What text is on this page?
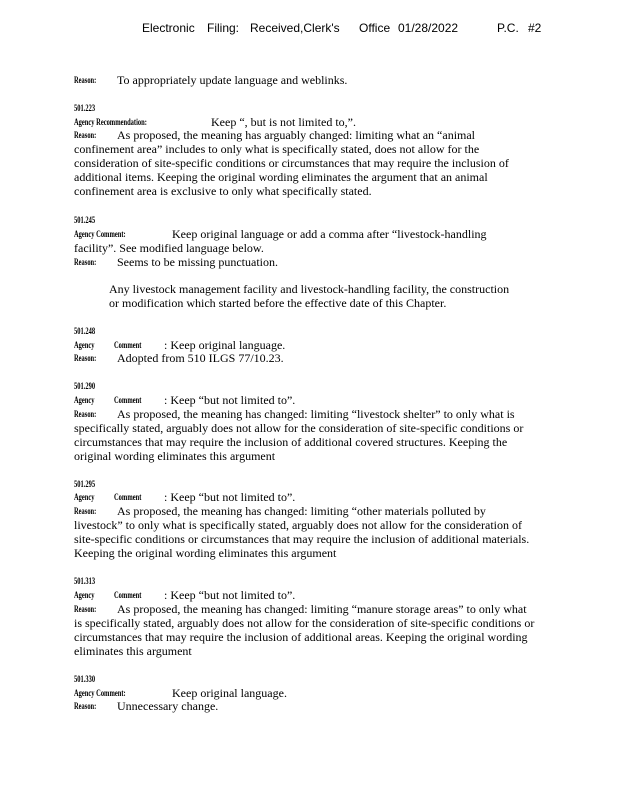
Electronic Filing: Received,Clerk's Office 01/28/2022	P.C. #2
Reason: To appropriately update language and weblinks.
501.223
Agency Recommendation:	Keep “, but is not limited to,”.
Reason: As proposed, the meaning has arguably changed: limiting what an “animal
confinement area” includes to only what is specifically stated, does not allow for the
consideration of site-specific conditions or circumstances that may require the inclusion of
additional items. Keeping the original wording eliminates the argument that an animal
confinement area is exclusive to only what specifically stated.
501.245
Agency Comment:	Keep original language or add a comma after “livestock-handling
facility”. See modified language below.
Reason: Seems to be missing punctuation.
Any livestock management facility and livestock-handling facility, the construction
or modification which started before the effective date of this Chapter.
501.248
Agency Comment : Keep original language.
Reason: Adopted from 510 ILGS 77/10.23.
501.290
Agency Comment : Keep “but not limited to”.
Reason: As proposed, the meaning has changed: limiting “livestock shelter” to only what is
specifically stated, arguably does not allow for the consideration of site-specific conditions or
circumstances that may require the inclusion of additional covered structures. Keeping the
original wording eliminates this argument
501.295
Agency Comment : Keep “but not limited to”.
Reason: As proposed, the meaning has changed: limiting “other materials polluted by
livestock” to only what is specifically stated, arguably does not allow for the consideration of
site-specific conditions or circumstances that may require the inclusion of additional materials.
Keeping the original wording eliminates this argument
501.313
Agency Comment : Keep “but not limited to”.
Reason: As proposed, the meaning has changed: limiting “manure storage areas” to only what
is specifically stated, arguably does not allow for the consideration of site-specific conditions or
circumstances that may require the inclusion of additional areas. Keeping the original wording
eliminates this argument
501.330
Agency Comment:	Keep original language.
Reason: Unnecessary change.
